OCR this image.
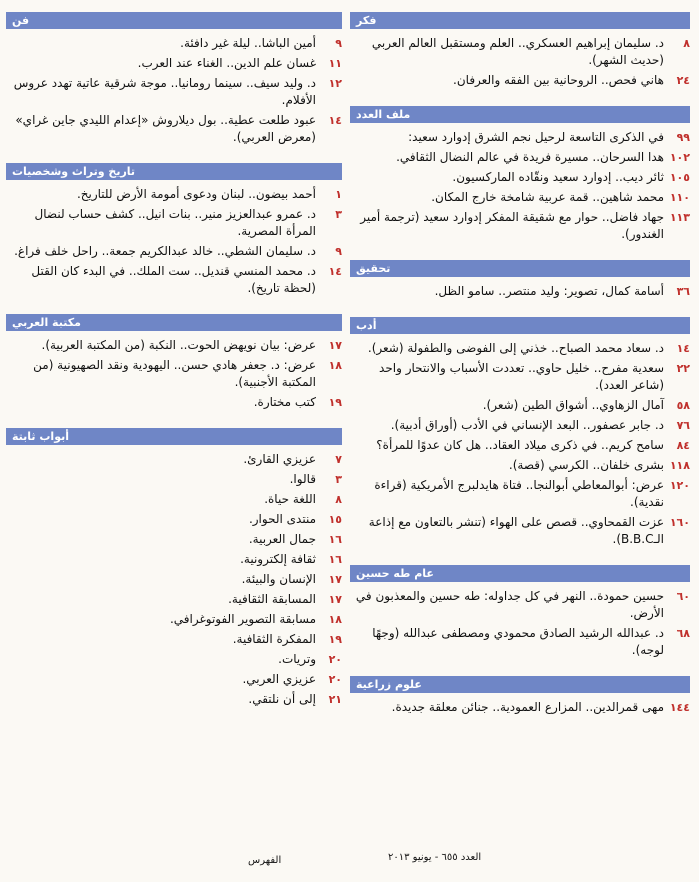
فكر
٨
د. سليمان إبراهيم العسكري.. العلم ومستقبل العالم العربي (حديث الشهر).
٢٤
هاني فحص.. الروحانية بين الفقه والعرفان.
ملف العدد
٩٩
في الذكرى التاسعة لرحيل نجم الشرق إدوارد سعيد:
١٠٢
هدا السرحان.. مسيرة فريدة في عالم النضال الثقافي.
١٠٥
ثائر ديب.. إدوارد سعيد ونقّاده الماركسيون.
١١٠
محمد شاهين.. قمة عربية شامخة خارج المكان.
١١٣
جهاد فاضل.. حوار مع شقيقة المفكر إدوارد سعيد (ترجمة أمير الغندور).
تحقيق
٣٦
أسامة كمال، تصوير: وليد منتصر.. سامو الظل.
أدب
١٤
د. سعاد محمد الصباح.. خذني إلى الفوضى والطفولة (شعر).
٢٢
سعدية مفرح.. خليل حاوي.. تعددت الأسباب والانتحار واحد (شاعر العدد).
٥٨
آمال الزهاوي.. أشواق الطين (شعر).
٧٦
د. جابر عصفور.. البعد الإنساني في الأدب (أوراق أدبية).
٨٤
سامح كريم.. في ذكرى ميلاد العقاد.. هل كان عدوًا للمرأة؟
١١٨
بشرى خلفان.. الكرسي (قصة).
١٢٠
عرض: أبوالمعاطي أبوالنجا.. فتاة هايدلبرج الأمريكية (قراءة نقدية).
١٦٠
عزت القمحاوي.. قصص على الهواء (تنشر بالتعاون مع إذاعة الـB.B.C).
عام طه حسين
٦٠
حسين حمودة.. النهر في كل جداوله: طه حسين والمعذبون في الأرض.
٦٨
د. عبدالله الرشيد الصادق محمودي ومصطفى عبدالله (وجهًا لوجه).
علوم زراعية
١٤٤
مهى قمرالدين.. المزارع العمودية.. جنائن معلقة جديدة.
فن
٩
أمين الباشا.. ليلة غير دافئة.
١١
غسان علم الدين.. الغناء عند العرب.
١٢
د. وليد سيف.. سينما رومانيا.. موجة شرقية عاتية تهدد عروس الأفلام.
١٤
عبود طلعت عطية.. بول ديلاروش «إعدام الليدي جاين غراي» (معرض العربي).
تاريخ وتراث وشخصيات
١
أحمد بيضون.. لبنان ودعوى أمومة الأرض للتاريخ.
٣
د. عمرو عبدالعزيز منير.. بنات انيل.. كشف حساب لنضال المرأة المصرية.
٩
د. سليمان الشطي.. خالد عبدالكريم جمعة.. راحل خلف فراغ.
١٤
د. محمد المنسي قنديل.. ست الملك.. في البدء كان القتل (لحظة تاريخ).
مكتبة العربي
١٧
عرض: بيان نويهض الحوت.. النكبة (من المكتبة العربية).
١٨
عرض: د. جعفر هادي حسن.. اليهودية ونقد الصهيونية (من المكتبة الأجنبية).
١٩
كتب مختارة.
أبواب ثابتة
٧
عزيزي القارئ.
٣
قالوا.
٨
اللغة حياة.
١٥
منتدى الحوار.
١٦
جمال العربية.
١٦
ثقافة إلكترونية.
١٧
الإنسان والبيئة.
١٧
المسابقة الثقافية.
١٨
مسابقة التصوير الفوتوغرافي.
١٩
المفكرة الثقافية.
٢٠
وتريات.
٢٠
عزيزي العربي.
٢١
إلى أن نلتقي.
العدد ٦٥٥ - يونيو ٢٠١٣
الفهرس
